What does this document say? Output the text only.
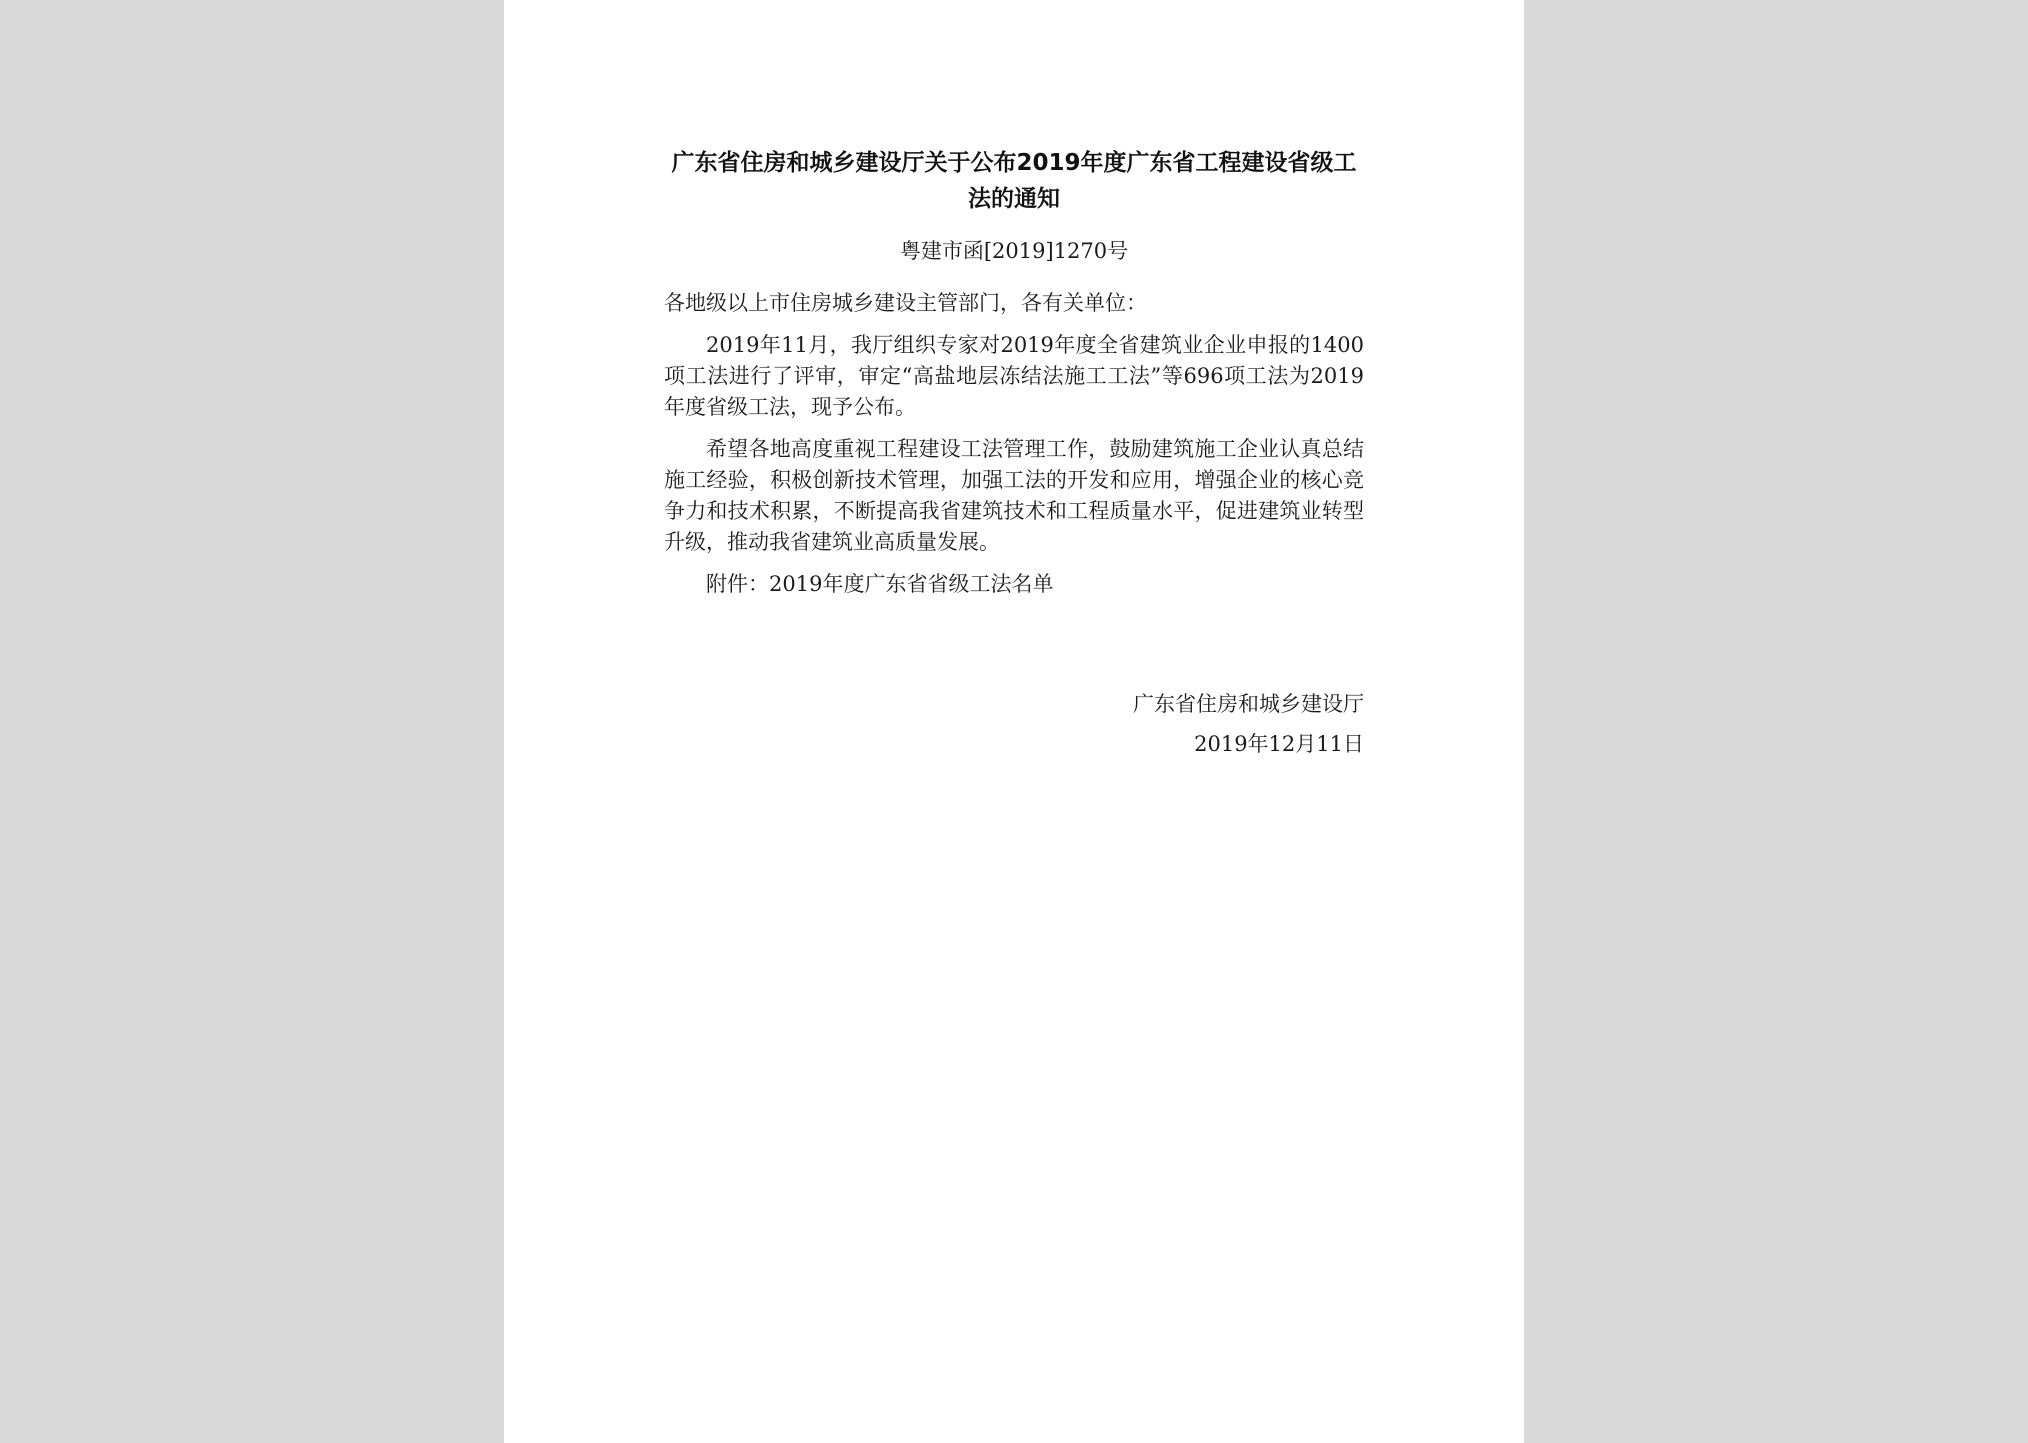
广东省住房和城乡建设厅关于公布2019年度广东省工程建设省级工法的通知
粤建市函[2019]1270号

各地级以上市住房城乡建设主管部门，各有关单位：

2019年11月，我厅组织专家对2019年度全省建筑业企业申报的1400项工法进行了评审，审定“高盐地层冻结法施工工法”等696项工法为2019年度省级工法，现予公布。

希望各地高度重视工程建设工法管理工作，鼓励建筑施工企业认真总结施工经验，积极创新技术管理，加强工法的开发和应用，增强企业的核心竞争力和技术积累，不断提高我省建筑技术和工程质量水平，促进建筑业转型升级，推动我省建筑业高质量发展。

附件：2019年度广东省省级工法名单

广东省住房和城乡建设厅
2019年12月11日
